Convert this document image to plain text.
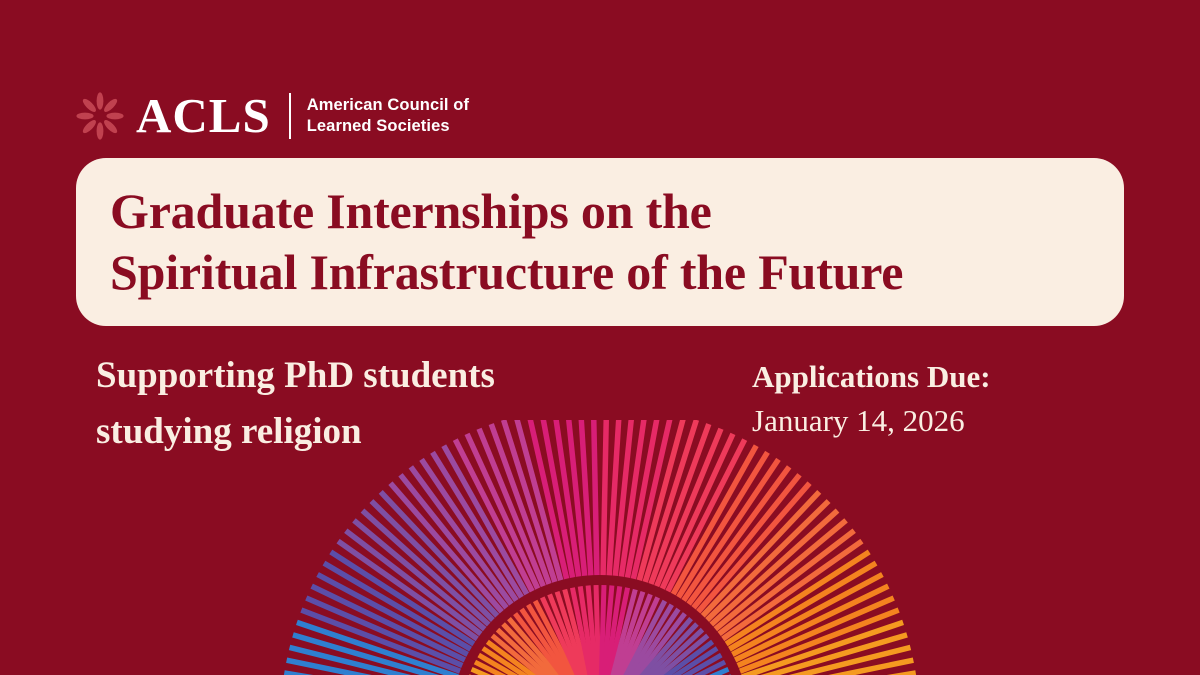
ACLS American Council of
Learned Societies
Graduate Internships on the
Spiritual Infrastructure of the Future
Supporting PhD students
studying religion
Applications Due:
January 14, 2026
